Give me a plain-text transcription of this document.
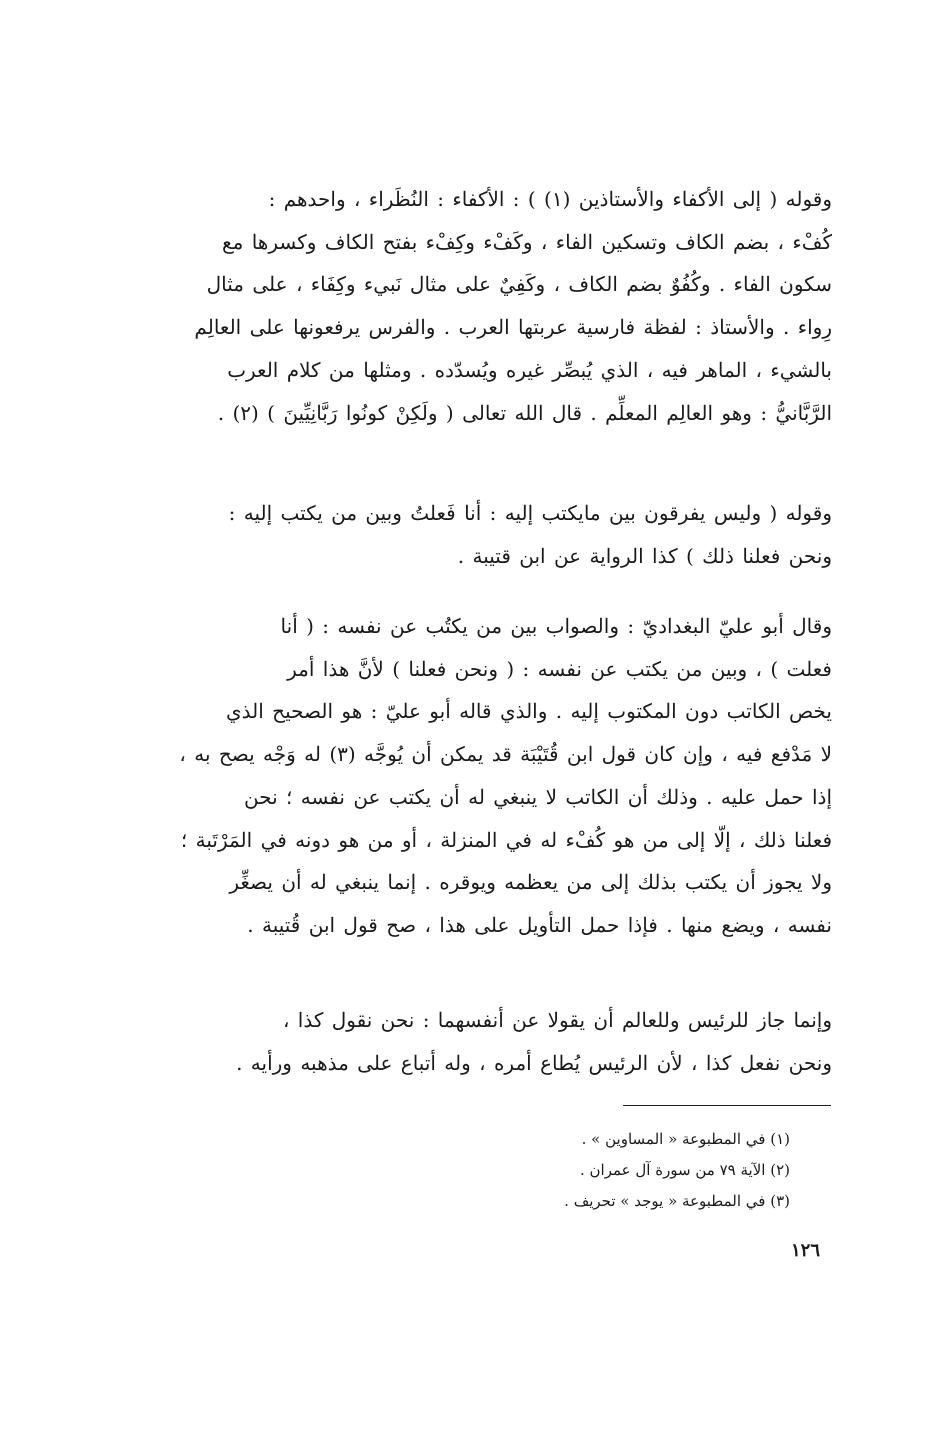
وقوله ( إلى الأكفاء والأستاذين (١) ) : الأكفاء : النُظَراء ، واحدهم :
كُفْء ، بضم الكاف وتسكين الفاء ، وكَفْء وكِفْء بفتح الكاف وكسرها مع
سكون الفاء . وكُفُوٌ بضم الكاف ، وكَفِيٌ على مثال نَبيء وكِفَاء ، على مثال
رِواء . والأستاذ : لفظة فارسية عربتها العرب . والفرس يرفعونها على العالِم
بالشيء ، الماهر فيه ، الذي يُبصِّر غيره ويُسدّده . ومثلها من كلام العرب
الرَّبَّانيُّ : وهو العالِم المعلِّم . قال الله تعالى ( ولَكِنْ كونُوا رَبَّانِيِّينَ ) (٢) .
وقوله ( وليس يفرقون بين مايكتب إليه : أنا فَعلتُ وبين من يكتب إليه :
ونحن فعلنا ذلك ) كذا الرواية عن ابن قتيبة .
وقال أبو عليّ البغداديّ : والصواب بين من يكتُب عن نفسه : ( أنا
فعلت ) ، وبين من يكتب عن نفسه : ( ونحن فعلنا ) لأنَّ هذا أمر
يخص الكاتب دون المكتوب إليه . والذي قاله أبو عليّ : هو الصحيح الذي
لا مَدْفع فيه ، وإن كان قول ابن قُتَيْبَة قد يمكن أن يُوجَّه (٣) له وَجْه يصح به ،
إذا حمل عليه . وذلك أن الكاتب لا ينبغي له أن يكتب عن نفسه ؛ نحن
فعلنا ذلك ، إلّا إلى من هو كُفْء له في المنزلة ، أو من هو دونه في المَرْتَبة ؛
ولا يجوز أن يكتب بذلك إلى من يعظمه ويوقره . إنما ينبغي له أن يصغِّر
نفسه ، ويضع منها . فإذا حمل التأويل على هذا ، صح قول ابن قُتيبة .
وإنما جاز للرئيس وللعالم أن يقولا عن أنفسهما : نحن نقول كذا ،
ونحن نفعل كذا ، لأن الرئيس يُطاع أمره ، وله أتباع على مذهبه ورأيه .
(١) في المطبوعة « المساوين » .
(٢) الآية ٧٩ من سورة آل عمران .
(٣) في المطبوعة « يوجد » تحريف .
١٢٦
